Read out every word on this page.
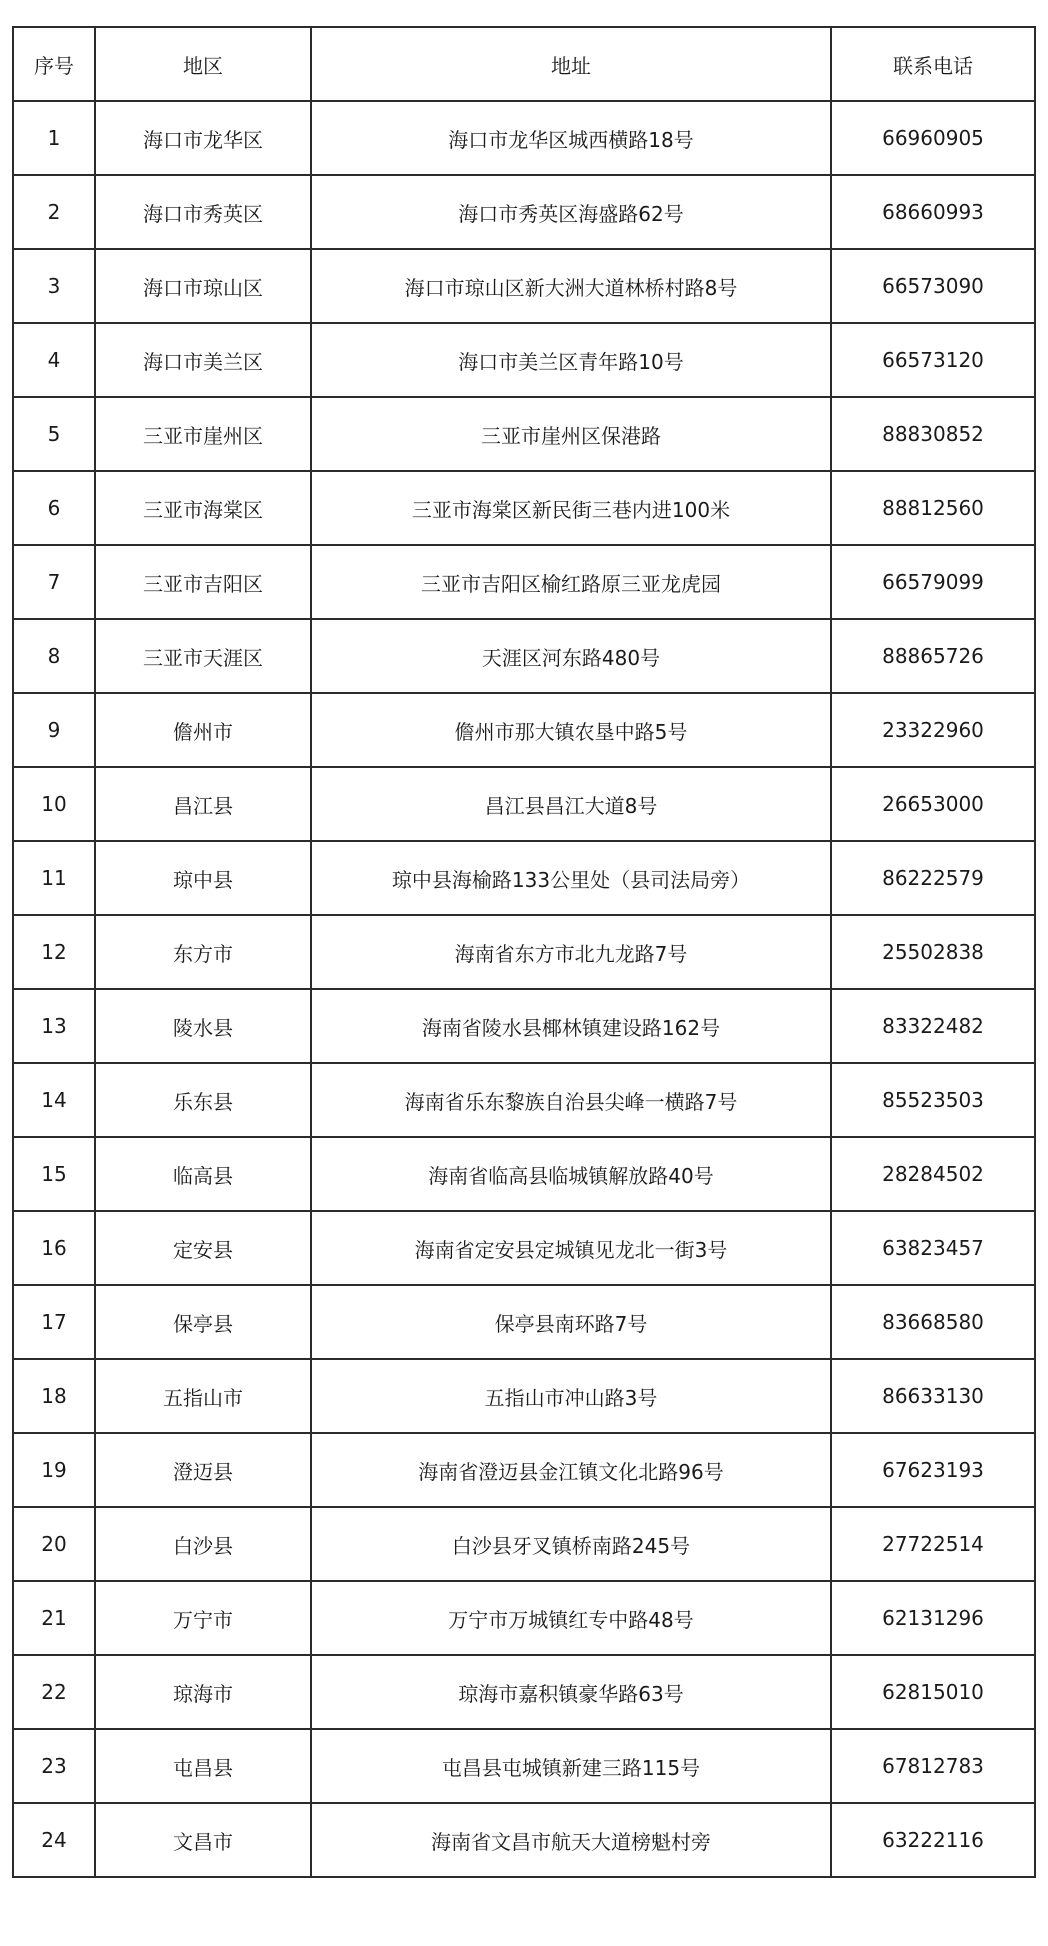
序号	地区	地址	联系电话
1	海口市龙华区	海口市龙华区城西横路18号	66960905
2	海口市秀英区	海口市秀英区海盛路62号	68660993
3	海口市琼山区	海口市琼山区新大洲大道林桥村路8号	66573090
4	海口市美兰区	海口市美兰区青年路10号	66573120
5	三亚市崖州区	三亚市崖州区保港路	88830852
6	三亚市海棠区	三亚市海棠区新民街三巷内进100米	88812560
7	三亚市吉阳区	三亚市吉阳区榆红路原三亚龙虎园	66579099
8	三亚市天涯区	天涯区河东路480号	88865726
9	儋州市	儋州市那大镇农垦中路5号	23322960
10	昌江县	昌江县昌江大道8号	26653000
11	琼中县	琼中县海榆路133公里处（县司法局旁）	86222579
12	东方市	海南省东方市北九龙路7号	25502838
13	陵水县	海南省陵水县椰林镇建设路162号	83322482
14	乐东县	海南省乐东黎族自治县尖峰一横路7号	85523503
15	临高县	海南省临高县临城镇解放路40号	28284502
16	定安县	海南省定安县定城镇见龙北一街3号	63823457
17	保亭县	保亭县南环路7号	83668580
18	五指山市	五指山市冲山路3号	86633130
19	澄迈县	海南省澄迈县金江镇文化北路96号	67623193
20	白沙县	白沙县牙叉镇桥南路245号	27722514
21	万宁市	万宁市万城镇红专中路48号	62131296
22	琼海市	琼海市嘉积镇豪华路63号	62815010
23	屯昌县	屯昌县屯城镇新建三路115号	67812783
24	文昌市	海南省文昌市航天大道榜魁村旁	63222116
